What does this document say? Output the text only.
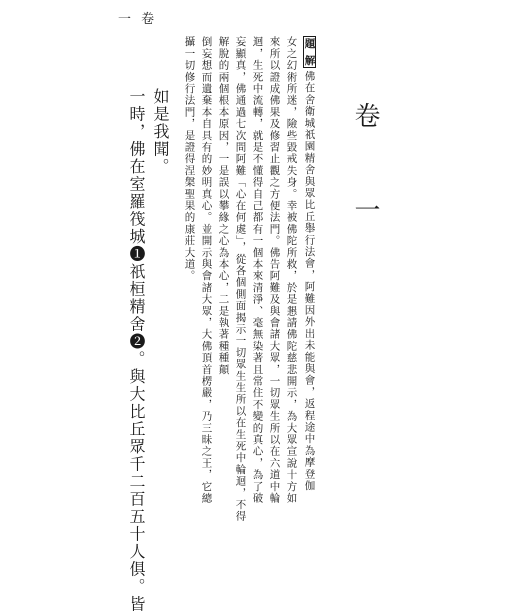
一 卷
卷 一
題 解佛在舍衛城祇園精舍與眾比丘舉行法會，阿難因外出未能與會，返程途中為摩登伽
女之幻術所迷，險些毀戒失身。幸被佛陀所救，於是懇請佛陀慈悲開示，為大眾宣說十方如
來所以證成佛果及修習止觀之方便法門。佛告阿難及與會諸大眾，一切眾生所以在六道中輪
迴，生死中流轉，就是不懂得自己都有一個本來清淨、毫無染著且常住不變的真心，為了破
妄顯真，佛通過七次問阿難「心在何處」，從各個側面揭示一切眾生生所以在生死中輪迴，不得
解脫的兩個根本原因，一是誤以攀緣之心為本心，二是執著種種顛
倒妄想而遺棄本自具有的妙明真心。並開示與會諸大眾，大佛頂首楞嚴，乃三昧之王，它總
攝一切修行法門，是證得涅槃聖果的康莊大道。
如是我聞。
一時，佛在室羅筏城❶祇桓精舍❷。與大比丘眾千二百五十人俱。皆
